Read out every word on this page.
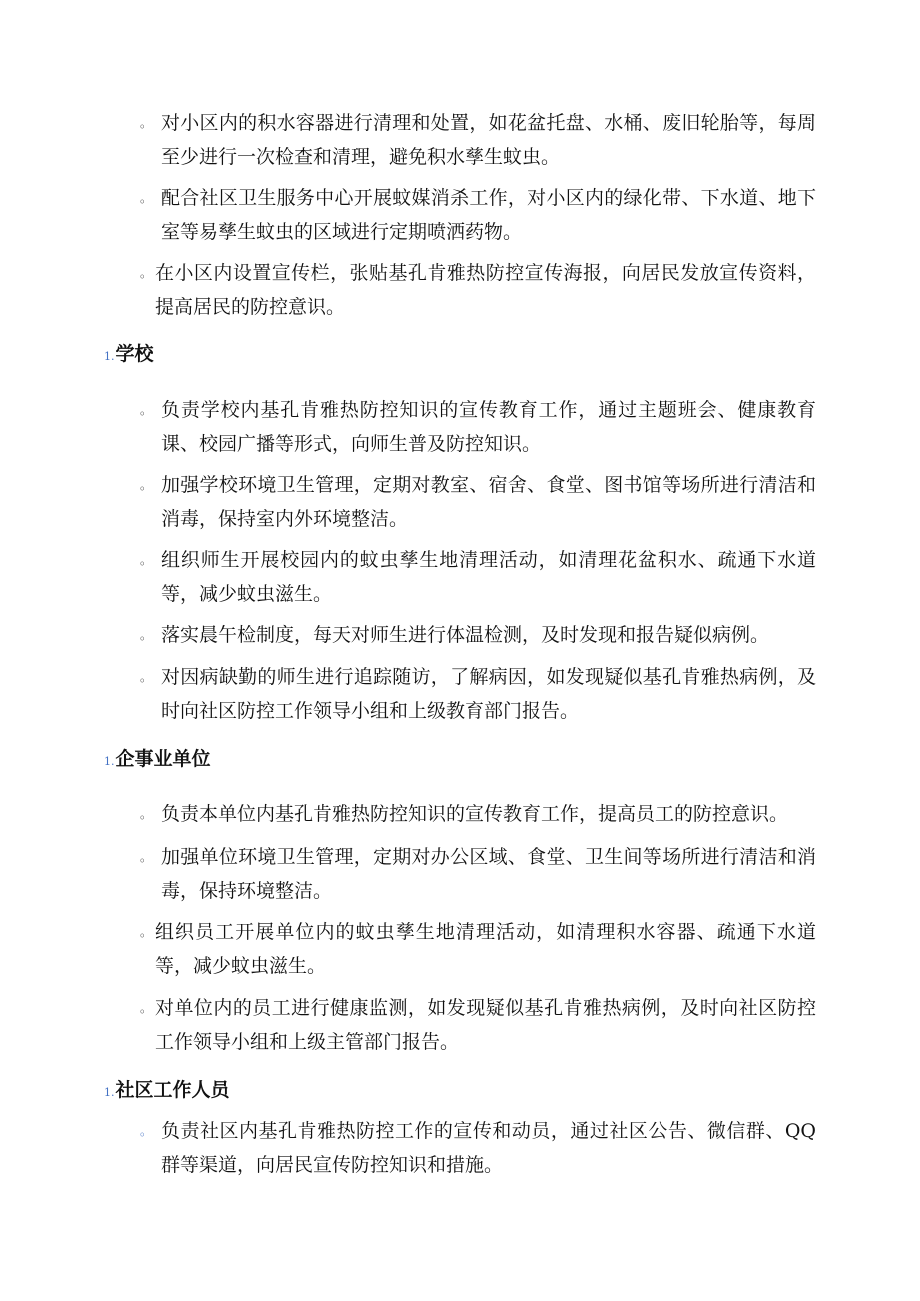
。 对小区内的积水容器进行清理和处置，如花盆托盘、水桶、废旧轮胎等，每周至少进行一次检查和清理，避免积水孳生蚊虫。
。 配合社区卫生服务中心开展蚊媒消杀工作，对小区内的绿化带、下水道、地下室等易孳生蚊虫的区域进行定期喷洒药物。
。 在小区内设置宣传栏，张贴基孔肯雅热防控宣传海报，向居民发放宣传资料，提高居民的防控意识。
1.学校
。 负责学校内基孔肯雅热防控知识的宣传教育工作，通过主题班会、健康教育课、校园广播等形式，向师生普及防控知识。
。 加强学校环境卫生管理，定期对教室、宿舍、食堂、图书馆等场所进行清洁和消毒，保持室内外环境整洁。
。 组织师生开展校园内的蚊虫孳生地清理活动，如清理花盆积水、疏通下水道等，减少蚊虫滋生。
。 落实晨午检制度，每天对师生进行体温检测，及时发现和报告疑似病例。
。 对因病缺勤的师生进行追踪随访，了解病因，如发现疑似基孔肯雅热病例，及时向社区防控工作领导小组和上级教育部门报告。
1.企事业单位
。 负责本单位内基孔肯雅热防控知识的宣传教育工作，提高员工的防控意识。
。 加强单位环境卫生管理，定期对办公区域、食堂、卫生间等场所进行清洁和消毒，保持环境整洁。
。 组织员工开展单位内的蚊虫孳生地清理活动，如清理积水容器、疏通下水道等，减少蚊虫滋生。
。 对单位内的员工进行健康监测，如发现疑似基孔肯雅热病例，及时向社区防控工作领导小组和上级主管部门报告。
1.社区工作人员
。 负责社区内基孔肯雅热防控工作的宣传和动员，通过社区公告、微信群、QQ群等渠道，向居民宣传防控知识和措施。
